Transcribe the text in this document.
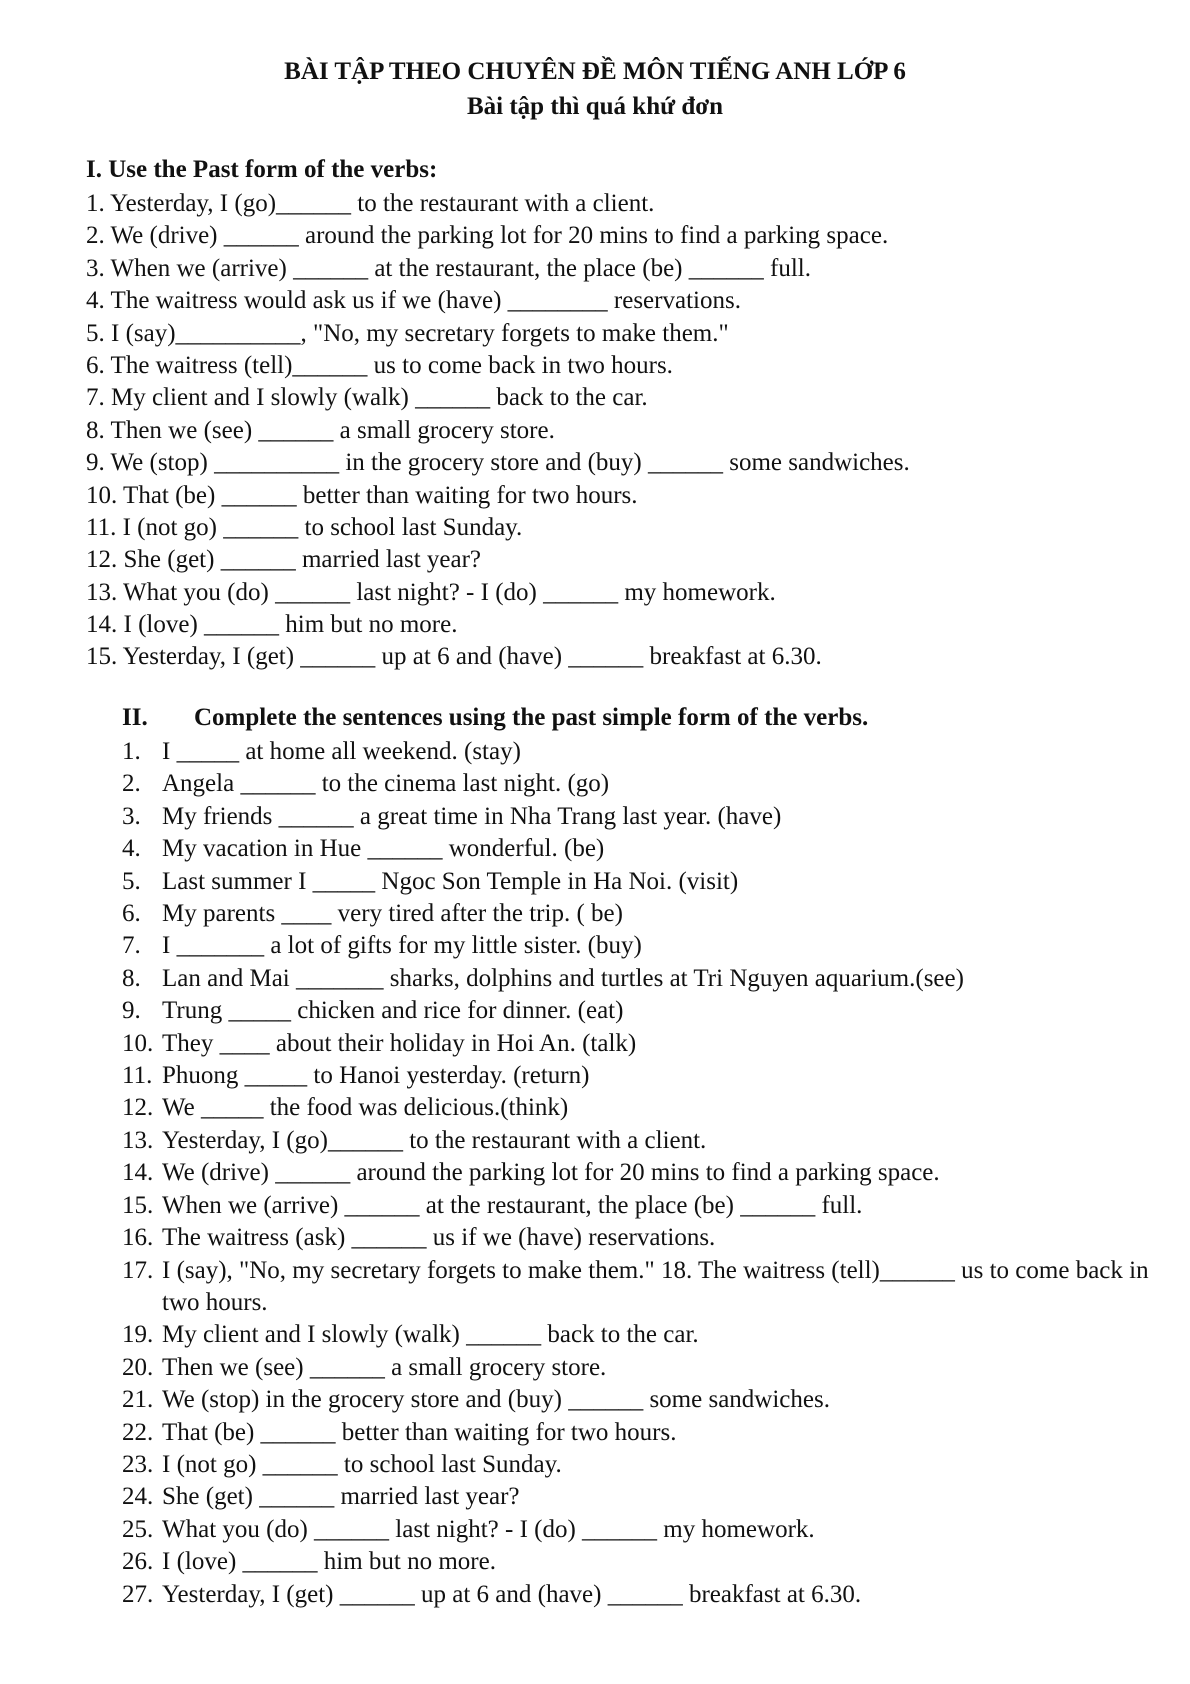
BÀI TẬP THEO CHUYÊN ĐỀ MÔN TIẾNG ANH LỚP 6
Bài tập thì quá khứ đơn
I. Use the Past form of the verbs:
1. Yesterday, I (go)______ to the restaurant with a client.
2. We (drive) ______ around the parking lot for 20 mins to find a parking space.
3. When we (arrive) ______ at the restaurant, the place (be) ______ full.
4. The waitress would ask us if we (have) ________ reservations.
5. I (say)__________, "No, my secretary forgets to make them."
6. The waitress (tell)______ us to come back in two hours.
7. My client and I slowly (walk) ______ back to the car.
8. Then we (see) ______ a small grocery store.
9. We (stop) __________ in the grocery store and (buy) ______ some sandwiches.
10. That (be) ______ better than waiting for two hours.
11. I (not go) ______ to school last Sunday.
12. She (get) ______ married last year?
13. What you (do) ______ last night? - I (do) ______ my homework.
14. I (love) ______ him but no more.
15. Yesterday, I (get) ______ up at 6 and (have) ______ breakfast at 6.30.
II. Complete the sentences using the past simple form of the verbs.
1. I _____ at home all weekend. (stay)
2. Angela ______ to the cinema last night. (go)
3. My friends ______ a great time in Nha Trang last year. (have)
4. My vacation in Hue ______ wonderful. (be)
5. Last summer I _____ Ngoc Son Temple in Ha Noi. (visit)
6. My parents ____ very tired after the trip. ( be)
7. I _______ a lot of gifts for my little sister. (buy)
8. Lan and Mai _______ sharks, dolphins and turtles at Tri Nguyen aquarium.(see)
9. Trung _____ chicken and rice for dinner. (eat)
10. They ____ about their holiday in Hoi An. (talk)
11. Phuong _____ to Hanoi yesterday. (return)
12. We _____ the food was delicious.(think)
13. Yesterday, I (go)______ to the restaurant with a client.
14. We (drive) ______ around the parking lot for 20 mins to find a parking space.
15. When we (arrive) ______ at the restaurant, the place (be) ______ full.
16. The waitress (ask) ______ us if we (have) reservations.
17. I (say), "No, my secretary forgets to make them." 18. The waitress (tell)______ us to come back in two hours.
19. My client and I slowly (walk) ______ back to the car.
20. Then we (see) ______ a small grocery store.
21. We (stop) in the grocery store and (buy) ______ some sandwiches.
22. That (be) ______ better than waiting for two hours.
23. I (not go) ______ to school last Sunday.
24. She (get) ______ married last year?
25. What you (do) ______ last night? - I (do) ______ my homework.
26. I (love) ______ him but no more.
27. Yesterday, I (get) ______ up at 6 and (have) ______ breakfast at 6.30.
